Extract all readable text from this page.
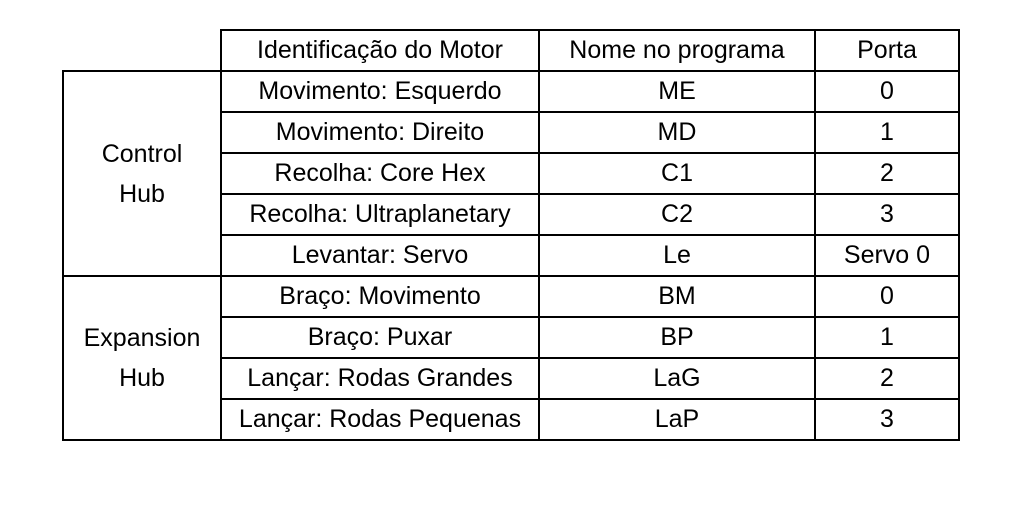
	Identificação do Motor	Nome no programa	Porta
Control
Hub	Movimento: Esquerdo	ME	0
	Movimento: Direito	MD	1
	Recolha: Core Hex	C1	2
	Recolha: Ultraplanetary	C2	3
	Levantar: Servo	Le	Servo 0
Expansion
Hub	Braço: Movimento	BM	0
	Braço: Puxar	BP	1
	Lançar: Rodas Grandes	LaG	2
	Lançar: Rodas Pequenas	LaP	3
